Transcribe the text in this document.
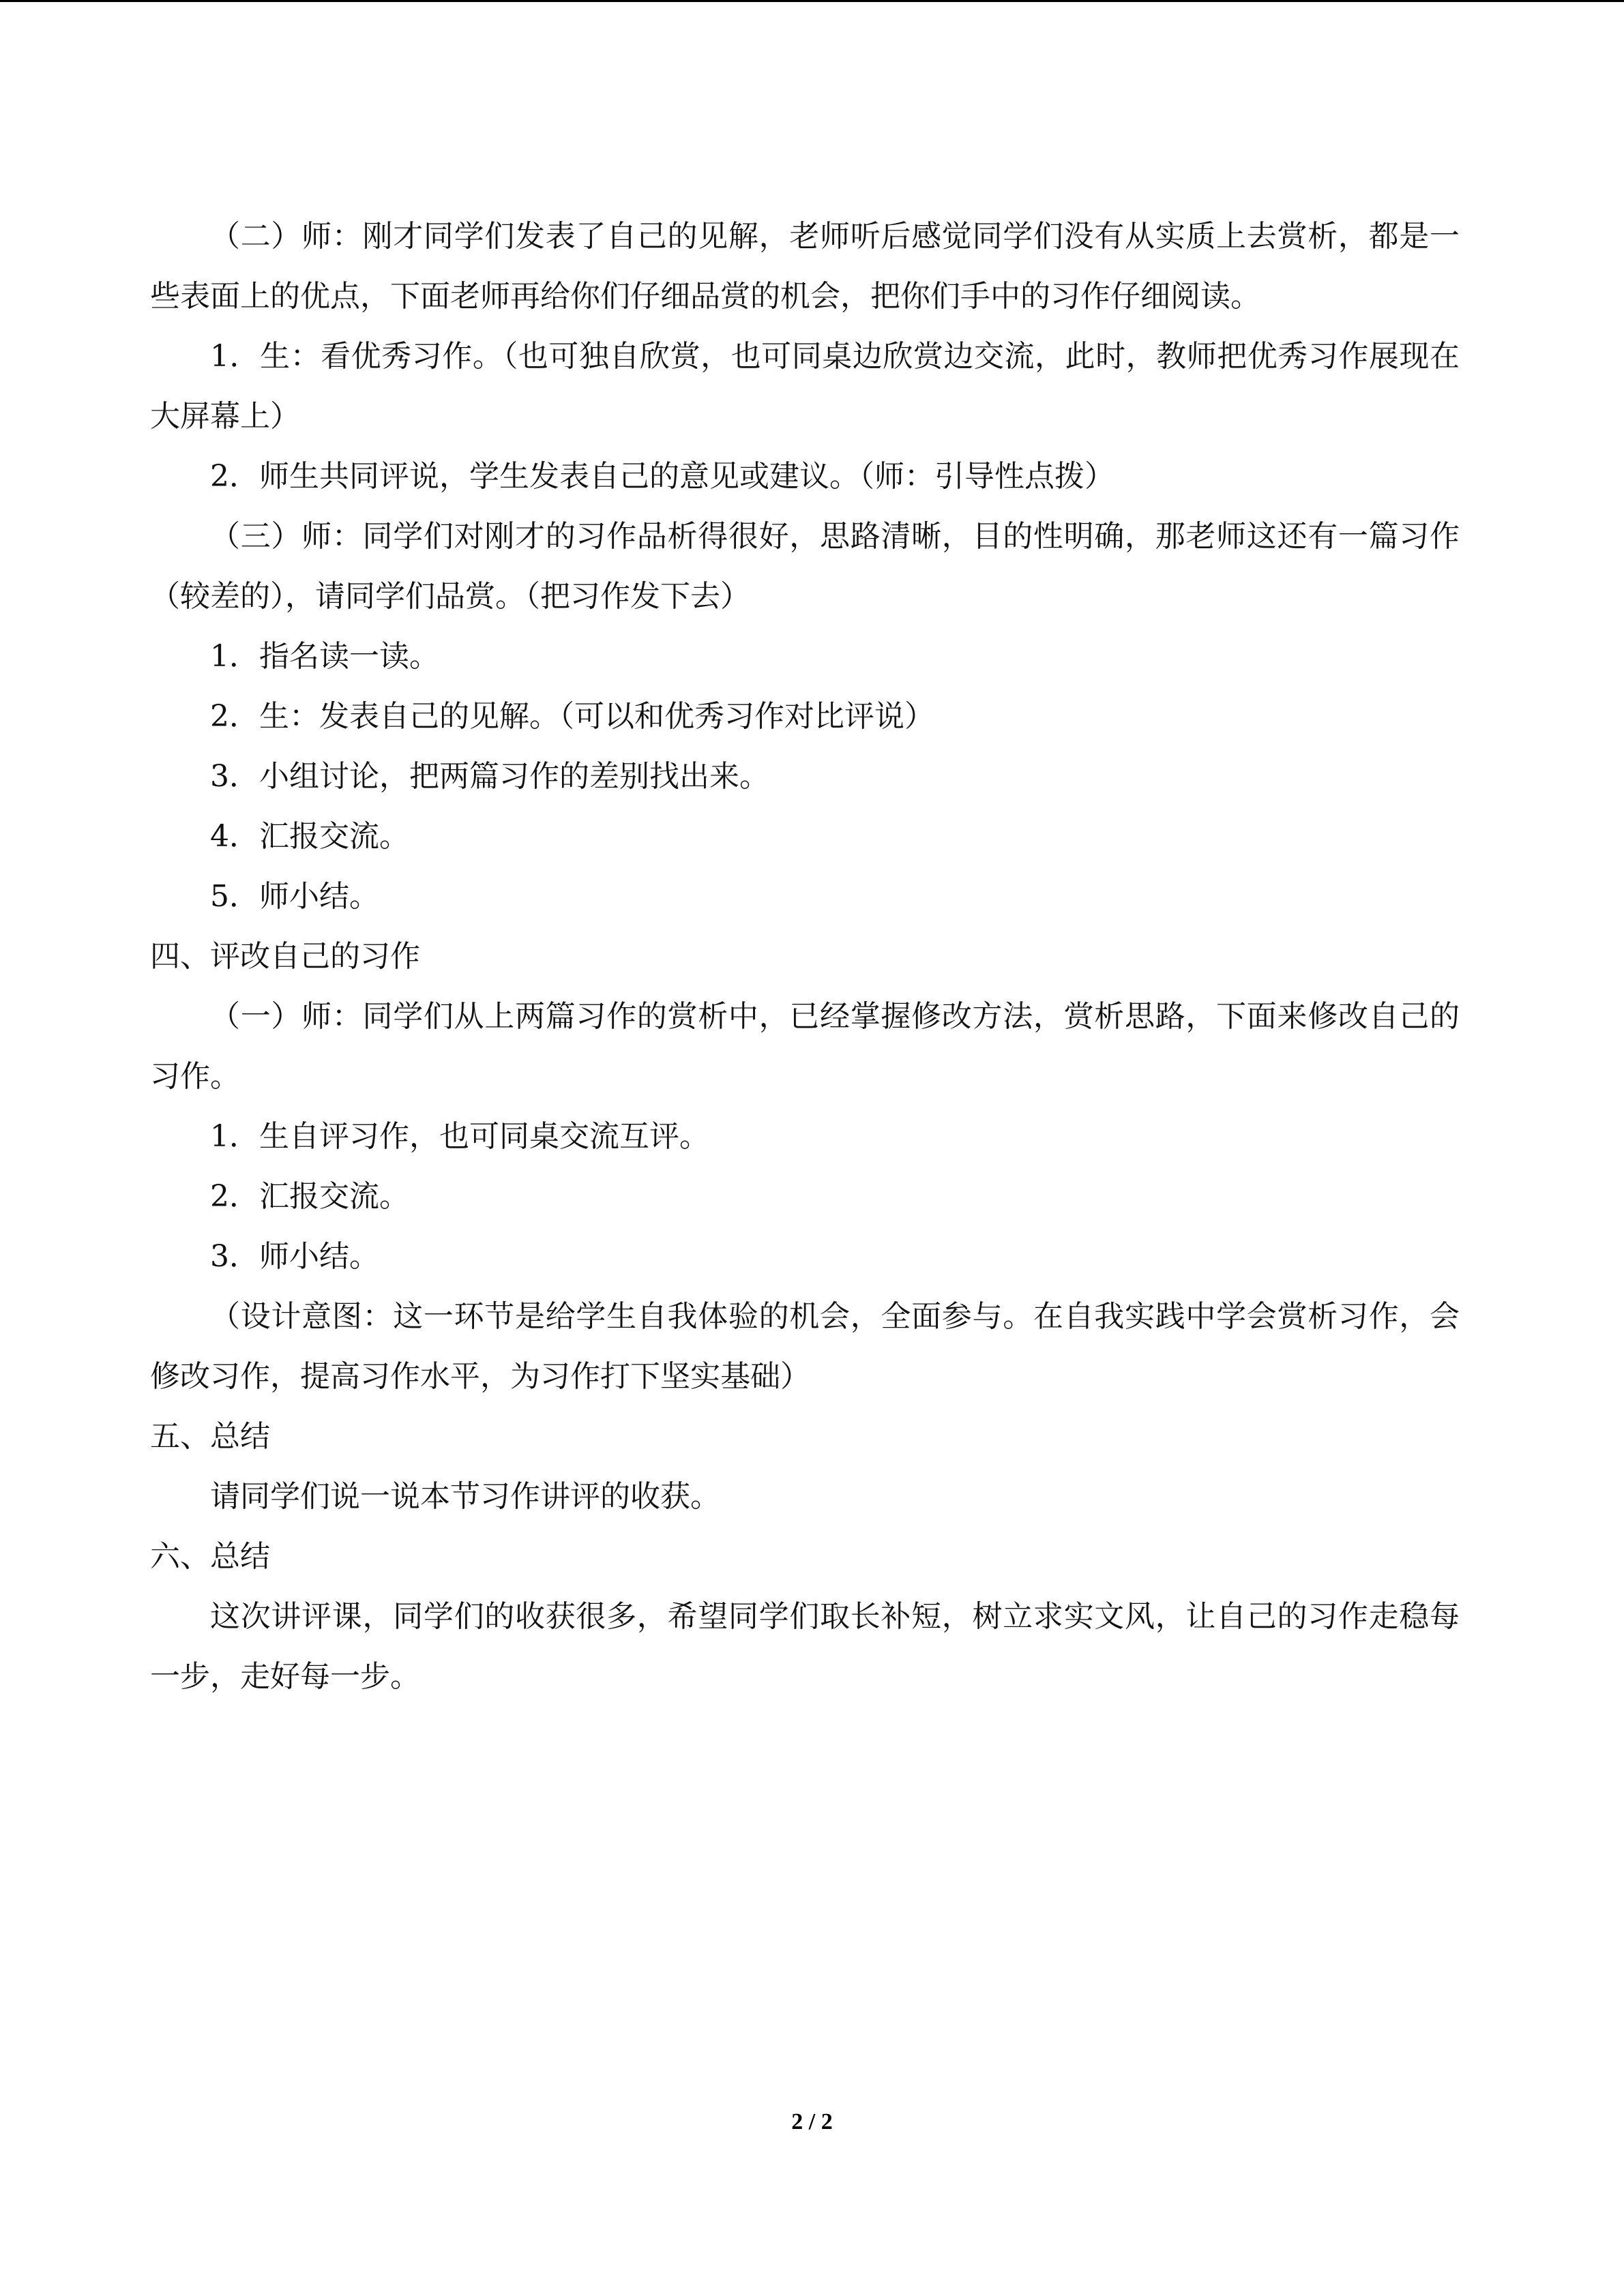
（二）师：刚才同学们发表了自己的见解，老师听后感觉同学们没有从实质上去赏析，都是一些表面上的优点，下面老师再给你们仔细品赏的机会，把你们手中的习作仔细阅读。

1．生：看优秀习作。（也可独自欣赏，也可同桌边欣赏边交流，此时，教师把优秀习作展现在大屏幕上）

2．师生共同评说，学生发表自己的意见或建议。（师：引导性点拨）

（三）师：同学们对刚才的习作品析得很好，思路清晰，目的性明确，那老师这还有一篇习作（较差的），请同学们品赏。（把习作发下去）

1．指名读一读。

2．生：发表自己的见解。（可以和优秀习作对比评说）

3．小组讨论，把两篇习作的差别找出来。

4．汇报交流。

5．师小结。

四、评改自己的习作

（一）师：同学们从上两篇习作的赏析中，已经掌握修改方法，赏析思路，下面来修改自己的习作。

1．生自评习作，也可同桌交流互评。

2．汇报交流。

3．师小结。

（设计意图：这一环节是给学生自我体验的机会，全面参与。在自我实践中学会赏析习作，会修改习作，提高习作水平，为习作打下坚实基础）

五、总结

请同学们说一说本节习作讲评的收获。

六、总结

这次讲评课，同学们的收获很多，希望同学们取长补短，树立求实文风，让自己的习作走稳每一步，走好每一步。

2 / 2
